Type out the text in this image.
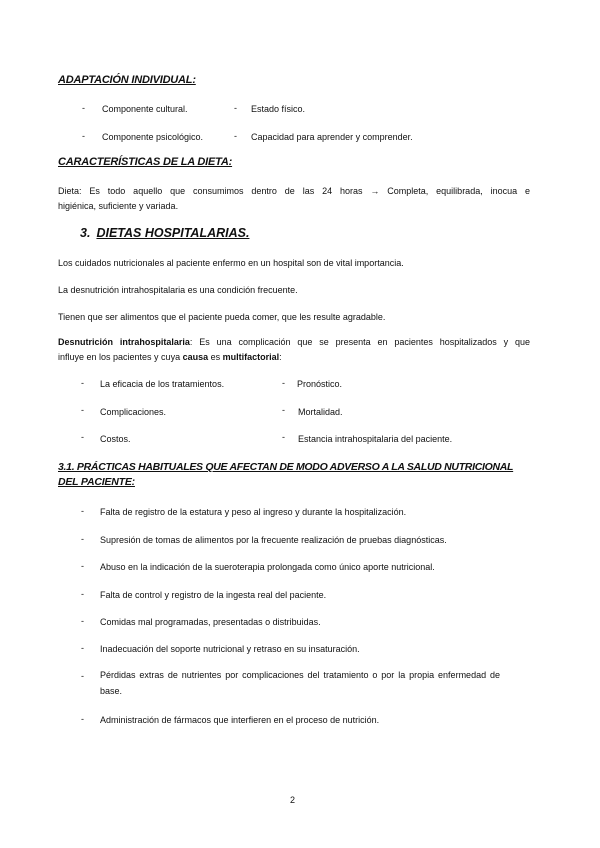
ADAPTACIÓN INDIVIDUAL:
- Componente cultural.	- Estado físico.
- Componente psicológico.	- Capacidad para aprender y comprender.
CARACTERÍSTICAS DE LA DIETA:
Dieta: Es todo aquello que consumimos dentro de las 24 horas → Completa, equilibrada, inocua e
higiénica, suficiente y variada.
3. DIETAS HOSPITALARIAS.
Los cuidados nutricionales al paciente enfermo en un hospital son de vital importancia.
La desnutrición intrahospitalaria es una condición frecuente.
Tienen que ser alimentos que el paciente pueda comer, que les resulte agradable.
Desnutrición intrahospitalaria: Es una complicación que se presenta en pacientes hospitalizados y que
influye en los pacientes y cuya causa es multifactorial:
- La eficacia de los tratamientos.	- Pronóstico.
- Complicaciones.	- Mortalidad.
- Costos.	- Estancia intrahospitalaria del paciente.
3.1. PRÁCTICAS HABITUALES QUE AFECTAN DE MODO ADVERSO A LA SALUD NUTRICIONAL
DEL PACIENTE:
- Falta de registro de la estatura y peso al ingreso y durante la hospitalización.
- Supresión de tomas de alimentos por la frecuente realización de pruebas diagnósticas.
- Abuso en la indicación de la sueroterapia prolongada como único aporte nutricional.
- Falta de control y registro de la ingesta real del paciente.
- Comidas mal programadas, presentadas o distribuidas.
- Inadecuación del soporte nutricional y retraso en su insaturación.
- Pérdidas extras de nutrientes por complicaciones del tratamiento o por la propia enfermedad de base.
- Administración de fármacos que interfieren en el proceso de nutrición.
2
